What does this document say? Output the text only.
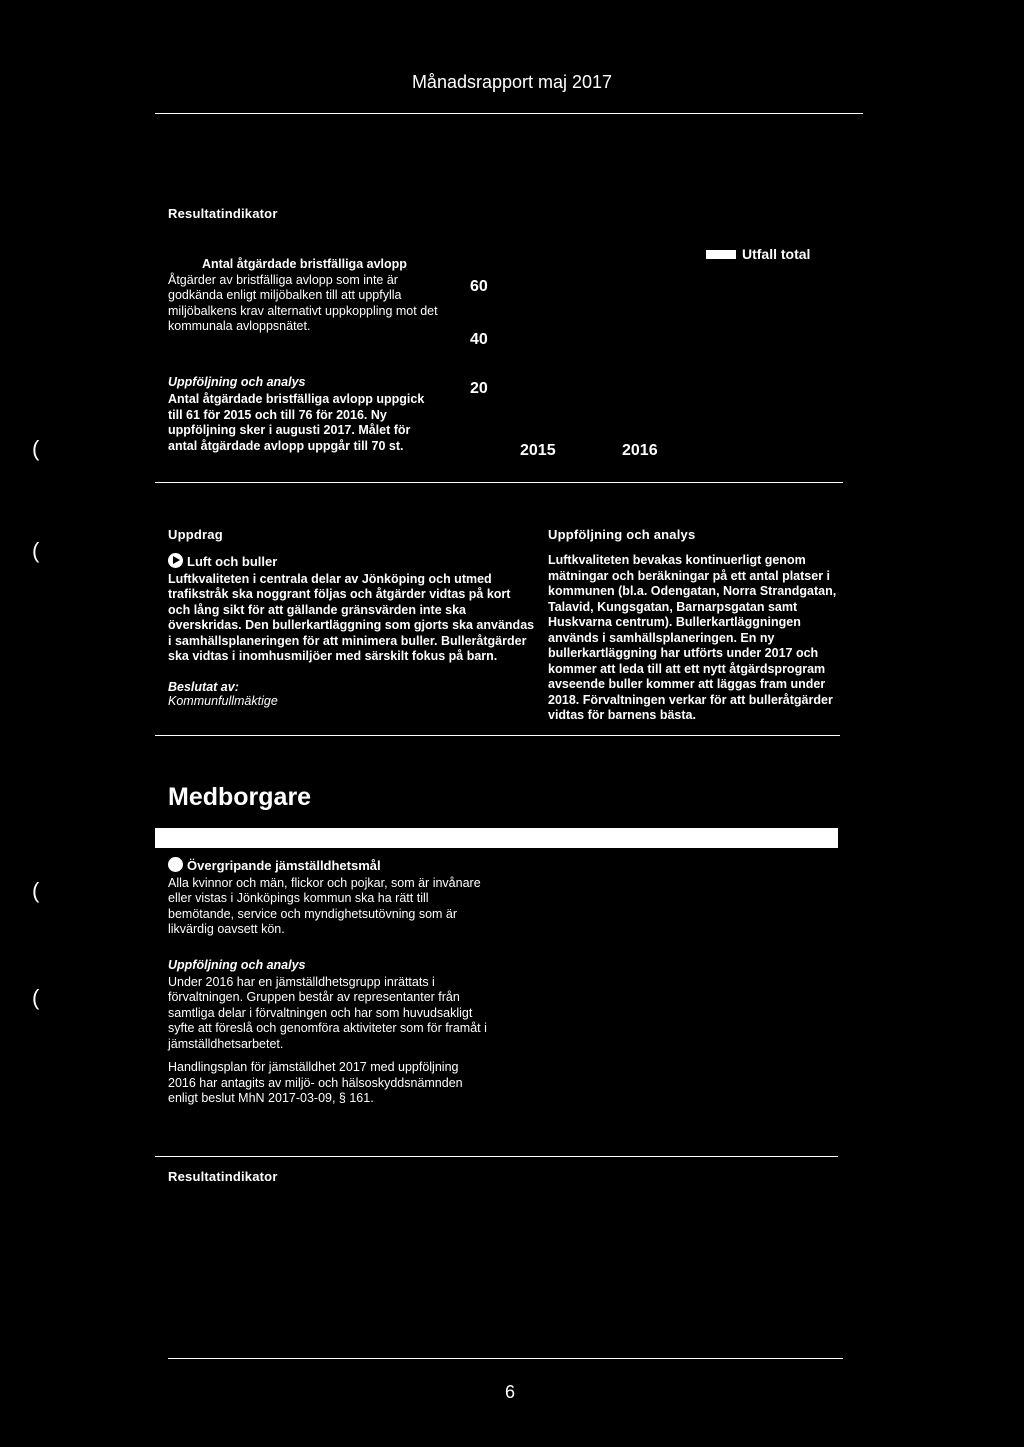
Månadsrapport maj 2017
(
(
(
(
Resultatindikator

Antal åtgärdade bristfälliga avlopp

Åtgärder av bristfälliga avlopp som inte är godkända enligt miljöbalken till att uppfylla miljöbalkens krav alternativt uppkoppling mot det kommunala avloppsnätet.

Uppföljning och analys

Antal åtgärdade bristfälliga avlopp uppgick till 61 för 2015 och till 76 för 2016. Ny uppföljning sker i augusti 2017. Målet för antal åtgärdade avlopp uppgår till 70 st.

60
40
20
2015	2016
Utfall total
Uppdrag

Luft och buller

Luftkvaliteten i centrala delar av Jönköping och utmed trafikstråk ska noggrant följas och åtgärder vidtas på kort och lång sikt för att gällande gränsvärden inte ska överskridas. Den bullerkartläggning som gjorts ska användas i samhällsplaneringen för att minimera buller. Bulleråtgärder ska vidtas i inomhusmiljöer med särskilt fokus på barn.

Beslutat av:

Kommunfullmäktige

Uppföljning och analys
Luftkvaliteten bevakas kontinuerligt genom mätningar och beräkningar på ett antal platser i kommunen (bl.a. Odengatan, Norra Strandgatan, Talavid, Kungsgatan, Barnarpsgatan samt Huskvarna centrum). Bullerkartläggningen används i samhällsplaneringen. En ny bullerkartläggning har utförts under 2017 och kommer att leda till att ett nytt åtgärdsprogram avseende buller kommer att läggas fram under 2018. Förvaltningen verkar för att bulleråtgärder vidtas för barnens bästa.
Medborgare

Övergripande jämställdhetsmål

Alla kvinnor och män, flickor och pojkar, som är invånare eller vistas i Jönköpings kommun ska ha rätt till bemötande, service och myndighetsutövning som är likvärdig oavsett kön.

Uppföljning och analys

Under 2016 har en jämställdhetsgrupp inrättats i förvaltningen. Gruppen består av representanter från samtliga delar i förvaltningen och har som huvudsakligt syfte att föreslå och genomföra aktiviteter som för framåt i jämställdhetsarbetet.

Handlingsplan för jämställdhet 2017 med uppföljning 2016 har antagits av miljö- och hälsoskyddsnämnden enligt beslut MhN 2017-03-09, § 161.

Resultatindikator
6
